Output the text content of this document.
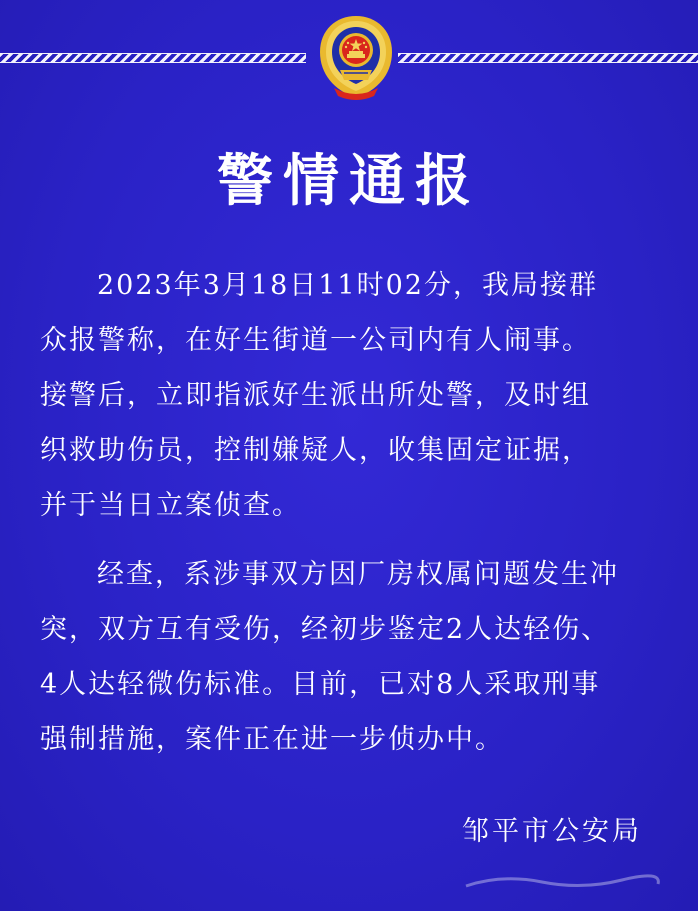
警情通报
2023年3月18日11时02分，我局接群
众报警称，在好生街道一公司内有人闹事。
接警后，立即指派好生派出所处警，及时组
织救助伤员，控制嫌疑人，收集固定证据，
并于当日立案侦查。
经查，系涉事双方因厂房权属问题发生冲
突，双方互有受伤，经初步鉴定2人达轻伤、
4人达轻微伤标准。目前，已对8人采取刑事
强制措施，案件正在进一步侦办中。
邹平市公安局
